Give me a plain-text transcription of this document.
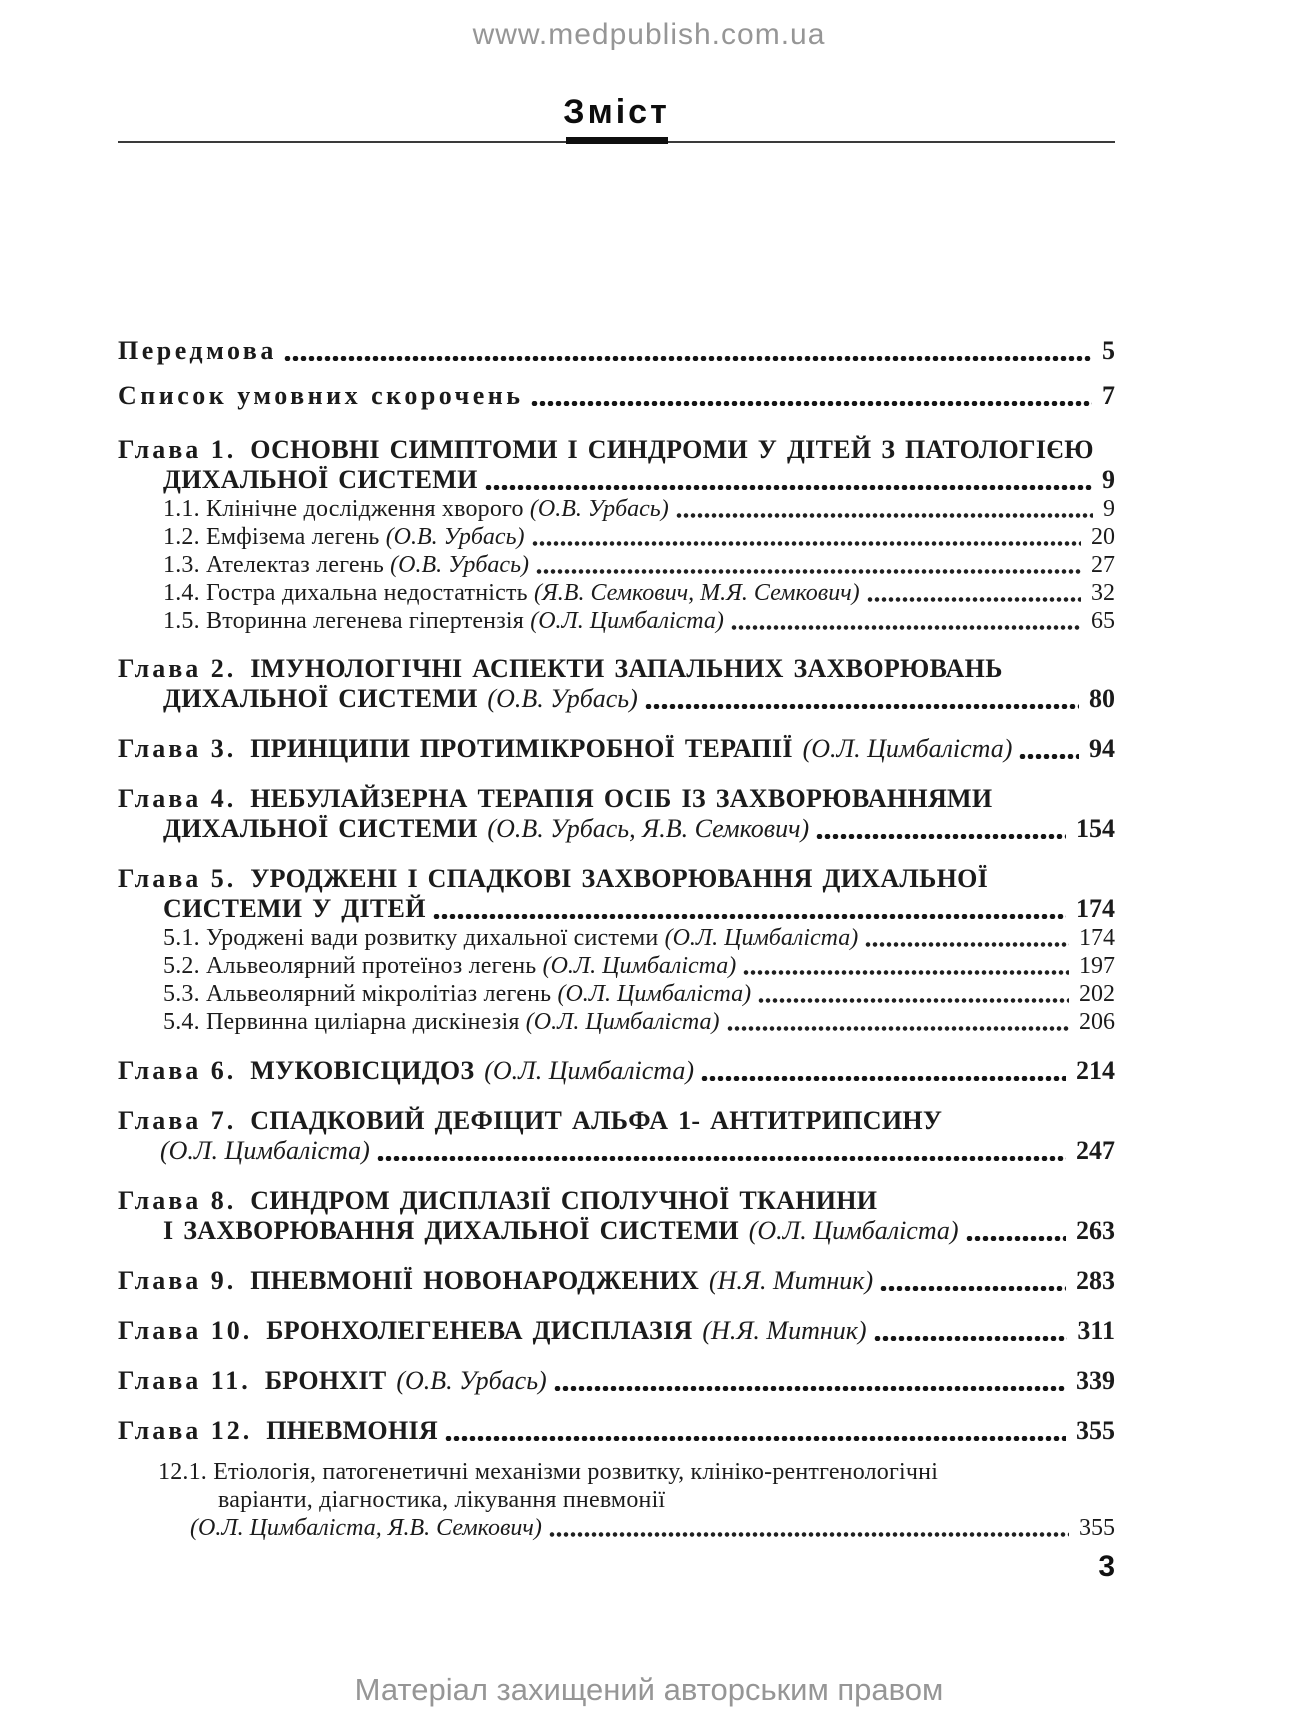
www.medpublish.com.ua
Зміст
Передмова	5
Список умовних скорочень	7
Глава 1. ОСНОВНІ СИМПТОМИ І СИНДРОМИ У ДІТЕЙ З ПАТОЛОГІЄЮ
ДИХАЛЬНОЇ СИСТЕМИ	9
1.1. Клінічне дослідження хворого (О.В. Урбась)	9
1.2. Емфізема легень (О.В. Урбась)	20
1.3. Ателектаз легень (О.В. Урбась)	27
1.4. Гостра дихальна недостатність (Я.В. Семкович, М.Я. Семкович)	32
1.5. Вторинна легенева гіпертензія (О.Л. Цимбаліста)	65
Глава 2. ІМУНОЛОГІЧНІ АСПЕКТИ ЗАПАЛЬНИХ ЗАХВОРЮВАНЬ
ДИХАЛЬНОЇ СИСТЕМИ (О.В. Урбась)	80
Глава 3. ПРИНЦИПИ ПРОТИМІКРОБНОЇ ТЕРАПІЇ (О.Л. Цимбаліста)	94
Глава 4. НЕБУЛАЙЗЕРНА ТЕРАПІЯ ОСІБ ІЗ ЗАХВОРЮВАННЯМИ
ДИХАЛЬНОЇ СИСТЕМИ (О.В. Урбась, Я.В. Семкович)	154
Глава 5. УРОДЖЕНІ І СПАДКОВІ ЗАХВОРЮВАННЯ ДИХАЛЬНОЇ
СИСТЕМИ У ДІТЕЙ	174
5.1. Уроджені вади розвитку дихальної системи (О.Л. Цимбаліста)	174
5.2. Альвеолярний протеїноз легень (О.Л. Цимбаліста)	197
5.3. Альвеолярний мікролітіаз легень (О.Л. Цимбаліста)	202
5.4. Первинна циліарна дискінезія (О.Л. Цимбаліста)	206
Глава 6. МУКОВІСЦИДОЗ (О.Л. Цимбаліста)	214
Глава 7. СПАДКОВИЙ ДЕФІЦИТ АЛЬФА 1- АНТИТРИПСИНУ
(О.Л. Цимбаліста)	247
Глава 8. СИНДРОМ ДИСПЛАЗІЇ СПОЛУЧНОЇ ТКАНИНИ
І ЗАХВОРЮВАННЯ ДИХАЛЬНОЇ СИСТЕМИ (О.Л. Цимбаліста)	263
Глава 9. ПНЕВМОНІЇ НОВОНАРОДЖЕНИХ (Н.Я. Митник)	283
Глава 10. БРОНХОЛЕГЕНЕВА ДИСПЛАЗІЯ (Н.Я. Митник)	311
Глава 11. БРОНХІТ (О.В. Урбась)	339
Глава 12. ПНЕВМОНІЯ	355
12.1. Етіологія, патогенетичні механізми розвитку, клініко-рентгенологічні
варіанти, діагностика, лікування пневмонії
(О.Л. Цимбаліста, Я.В. Семкович)	355
3
Матеріал захищений авторським правом
